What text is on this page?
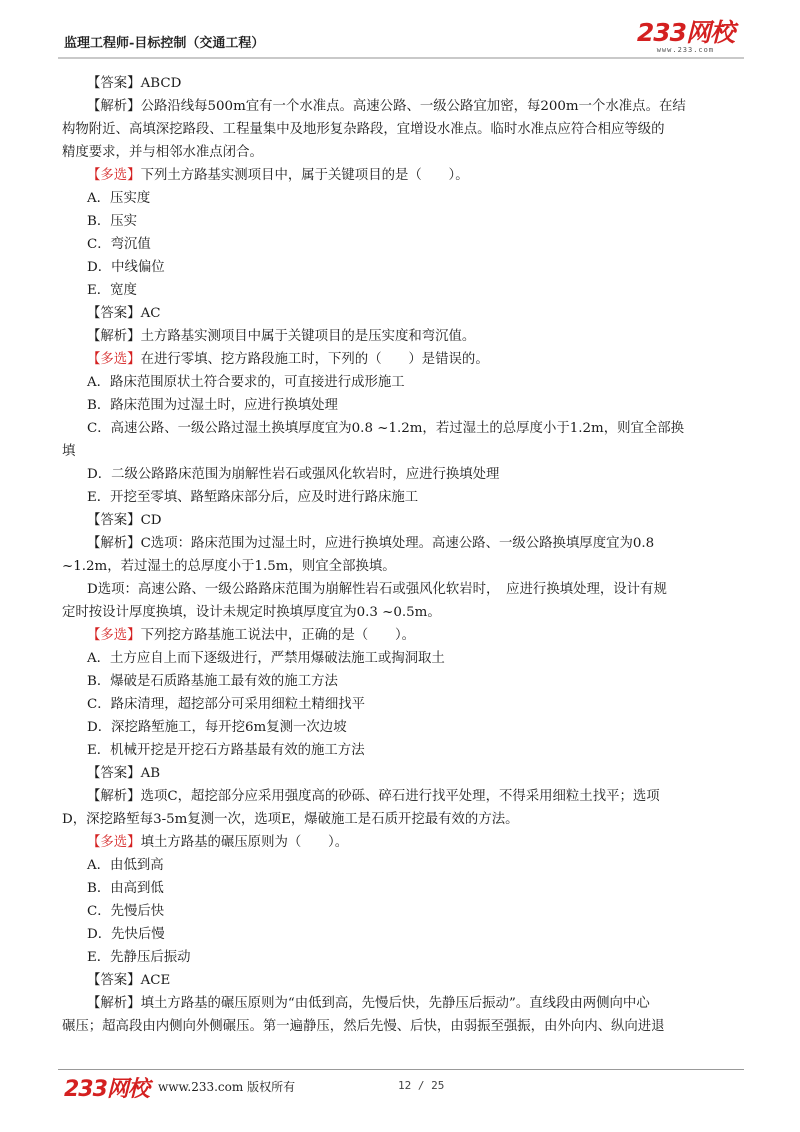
监理工程师-目标控制（交通工程）	233网校
www.233.com

【答案】ABCD

【解析】公路沿线每500m宜有一个水准点。高速公路、一级公路宜加密，每200m一个水准点。在结

构物附近、高填深挖路段、工程量集中及地形复杂路段，宜增设水准点。临时水准点应符合相应等级的

精度要求，并与相邻水准点闭合。

【多选】下列土方路基实测项目中，属于关键项目的是（　　）。

A．压实度

B．压实

C．弯沉值

D．中线偏位

E．宽度

【答案】AC

【解析】土方路基实测项目中属于关键项目的是压实度和弯沉值。

【多选】在进行零填、挖方路段施工时，下列的（　　）是错误的。

A．路床范围原状土符合要求的，可直接进行成形施工

B．路床范围为过湿土时，应进行换填处理

C．高速公路、一级公路过湿土换填厚度宜为0.8 ~1.2m，若过湿土的总厚度小于1.2m，则宜全部换

填

D．二级公路路床范围为崩解性岩石或强风化软岩时，应进行换填处理

E．开挖至零填、路堑路床部分后，应及时进行路床施工

【答案】CD

【解析】C选项：路床范围为过湿土时，应进行换填处理。高速公路、一级公路换填厚度宜为0.8

~1.2m，若过湿土的总厚度小于1.5m，则宜全部换填。

D选项：高速公路、一级公路路床范围为崩解性岩石或强风化软岩时，　应进行换填处理，设计有规

定时按设计厚度换填，设计未规定时换填厚度宜为0.3 ~0.5m。

【多选】下列挖方路基施工说法中，正确的是（　　）。

A．土方应自上而下逐级进行，严禁用爆破法施工或掏洞取土

B．爆破是石质路基施工最有效的施工方法

C．路床清理，超挖部分可采用细粒土精细找平

D．深挖路堑施工，每开挖6m复测一次边坡

E．机械开挖是开挖石方路基最有效的施工方法

【答案】AB

【解析】选项C，超挖部分应采用强度高的砂砾、碎石进行找平处理，不得采用细粒土找平；选项

D，深挖路堑每3-5m复测一次，选项E，爆破施工是石质开挖最有效的方法。

【多选】填土方路基的碾压原则为（　　）。

A．由低到高

B．由高到低

C．先慢后快

D．先快后慢

E．先静压后振动

【答案】ACE

【解析】填土方路基的碾压原则为“由低到高，先慢后快，先静压后振动”。直线段由两侧向中心

碾压；超高段由内侧向外侧碾压。第一遍静压，然后先慢、后快，由弱振至强振，由外向内、纵向进退

233网校 www.233.com 版权所有	12 / 25
